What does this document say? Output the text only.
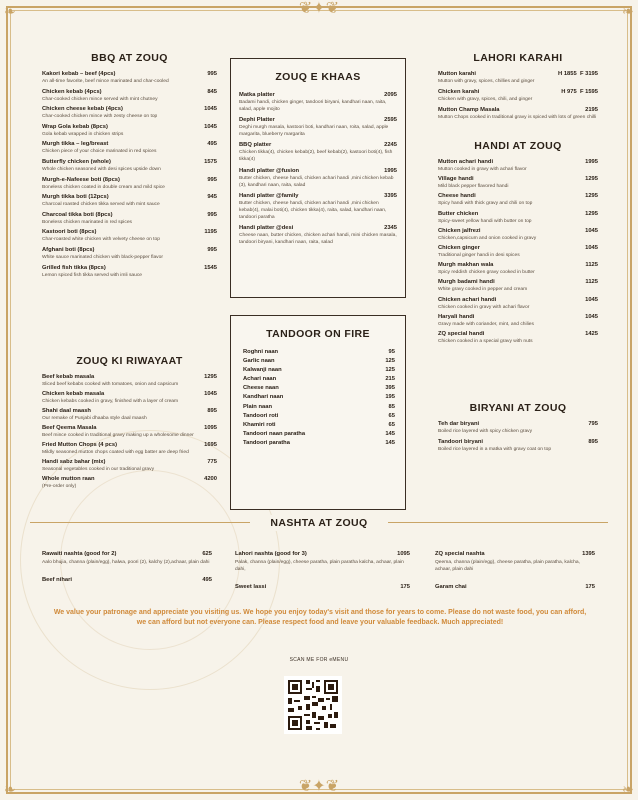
❦✦❦
❦✦❦
❧	❧
❧	❧
BBQ AT ZOUQ
Kakori kebab – beef (4pcs)	995
An all-time favorite, beef mince marinated and char-cooled
Chicken kebab (4pcs)	845
Char-cooked chicken mince served with mint chutney
Chicken cheese kebab (4pcs)	1045
Char-cooked chicken mince with zesty cheese on top
Wrap Gola kebab (8pcs)	1045
Gola kebab wrapped in chicken strips
Murgh tikka – leg/breast	495
Chicken piece of your choice marinated in red spices
Butterfly chicken (whole)	1575
Whole chicken seasoned with desi spices upside down
Murgh-e-Nafeese boti (8pcs)	995
Boneless chicken coated in double cream and mild spice
Murgh tikka boti (12pcs)	945
Charcoal roasted chicken tikka served with mint sauce
Charcoal tikka boti (8pcs)	995
Boneless chicken marinated in red spices
Kastoori boti (8pcs)	1195
Char-roasted white chicken with velvety cheese on top
Afghani boti (8pcs)	995
White sauce marinated chicken with black-pepper flavor
Grilled fish tikka (8pcs)	1545
Lemon spiced fish tikka served with imli sauce
ZOUQ KI RIWAYAAT
Beef kebab masala	1295
Sliced beef kebabs cooked with tomatoes, onion and capsicum
Chicken kebab masala	1045
Chicken kebabs cooked in gravy, finished with a layer of cream
Shahi daal maash	895
Our remake of Punjabi dhaaba style daal maash
Beef Qeema Masala	1095
Beef mince cooked in traditional gravy making up a wholesome dinner
Fried Mutton Chops (4 pcs)	1695
Mildly seasoned mutton chops coated with egg batter are deep fried
Handi sabz bahar (mix)	775
Seasonal vegetables cooked in our traditional gravy
Whole mutton raan	4200
(Pre-order only)
ZOUQ E KHAAS
Matka platter	2095
Badami handi, chicken ginger, tandoori biryani, kandhari naan, raita, salad, apple mojito
Dephi Platter	2595
Deghi murgh masala, kastoori boti, kandhari naan, roita, salad, apple margarita, blueberry margarita
BBQ platter	2245
Chicken tikka(4), chicken kebab(2), beef kebab(2), kastoori boti(4), fish tikka(4)
Handi platter @fusion	1995
Butter chicken, cheese handi, chicken achari handi ,mini chicken kebab (3), kandhari naan, raita, salad
Handi platter @family	3395
Butter chicken, cheese handi, chicken achari handi ,mini chicken kebab(4), malai boti(4), chicken tikka(4), raita, salad, kandhari naan, tandoori paratha
Handi platter @desi	2345
Cheese naan, butter chicken, chicken achari handi, mini chicken masala, tandoori biryani, kandhari naan, raita, salad
TANDOOR ON FIRE
Roghni naan	95
Garlic naan	125
Kalwanji naan	125
Achari naan	215
Cheese naan	395
Kandhari naan	195
Plain naan	85
Tandoori roti	65
Khamiri roti	65
Tandoori naan paratha	145
Tandoori paratha	145
LAHORI KARAHI
Mutton karahi	H 1855  F 3195
Mutton with gravy, spices, chillies and ginger
Chicken karahi	H 975  F 1595
Chicken with gravy, spices, chili, and ginger
Mutton Champ Masala	2195
Mutton Chops cooked in traditional gravy is spiced with lots of green chilli
HANDI AT ZOUQ
Mutton achari handi	1995
Mutton cooked in gravy with achari flavor
Village handi	1295
Mild black pepper flavored handi
Cheese handi	1295
Spicy handi with thick gravy and chili on top
Butter chicken	1295
Spicy-sweet yellow handi with butter on top
Chicken jalfrezi	1045
Chicken,capsicum and onion cooked in gravy
Chicken ginger	1045
Traditional ginger handi in desi spices
Murgh makhan wala	1125
Spicy reddish chicken gravy cooked in butter
Murgh badami handi	1125
White gravy cooked in pepper and cream
Chicken achari handi	1045
Chicken cooked in gravy with achari flavor
Haryali handi	1045
Gravy made with coriander, mint, and chilies
ZQ special handi	1425
Chicken cooked in a special gravy with nuts
BIRYANI AT ZOUQ
Teh dar biryani	795
Boiled rice layered with spicy chicken gravy
Tandoori biryani	895
Boiled rice layered in a matka with gravy coat on top
NASHTA AT ZOUQ
Rawaiti nashta (good for 2)	625
Aalo bhujia, channa (plain/egg), halwa, poori (2), kalchy (2),achaar, plain dahi
Beef nihari	495
Lahori nashta (good for 3)	1095
Palak, channa (plain/egg), cheese paratha, plain paratha kalcha, achaar, plain dahi,
Sweet lassi	175
ZQ special nashta	1395
Qeema, channa (plain/egg), cheese paratha, plain paratha, kalcha, achaar, plain dahi
Garam chai	175
We value your patronage and appreciate you visiting us. We hope you enjoy today's visit and those for years to come. Please do not waste food, you can afford, we can afford but not everyone can. Please respect food and leave your valuable feedback. Much appreciated!
SCAN ME FOR eMENU
